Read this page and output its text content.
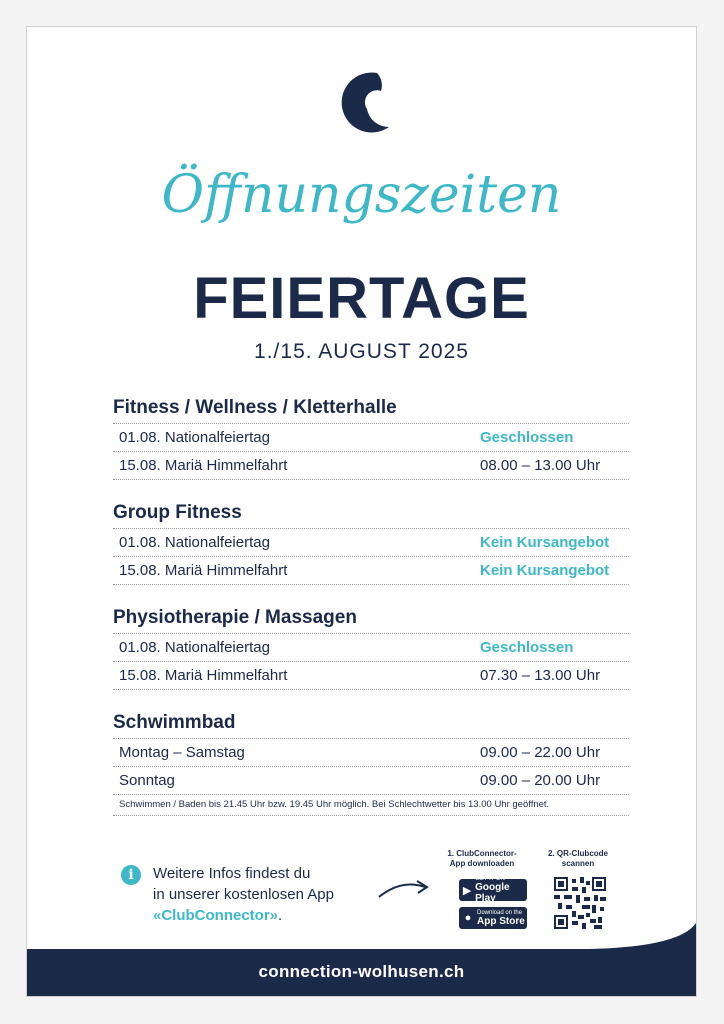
Öffnungszeiten
FEIERTAGE
1./15. AUGUST 2025
Fitness / Wellness / Kletterhalle
01.08. Nationalfeiertag	Geschlossen
15.08. Mariä Himmelfahrt	08.00 – 13.00 Uhr
Group Fitness
01.08. Nationalfeiertag	Kein Kursangebot
15.08. Mariä Himmelfahrt	Kein Kursangebot
Physiotherapie / Massagen
01.08. Nationalfeiertag	Geschlossen
15.08. Mariä Himmelfahrt	07.30 – 13.00 Uhr
Schwimmbad
Montag – Samstag	09.00 – 22.00 Uhr
Sonntag	09.00 – 20.00 Uhr
Schwimmen / Baden bis 21.45 Uhr bzw. 19.45 Uhr möglich. Bei Schlechtwetter bis 13.00 Uhr geöffnet.
i	Weitere Infos findest du
in unserer kostenlosen App
«ClubConnector».
1. ClubConnector-
App downloaden
2. QR-Clubcode
scannen
▶
GET IT ON
Google Play
● Download on the
App Store
connection-wolhusen.ch
